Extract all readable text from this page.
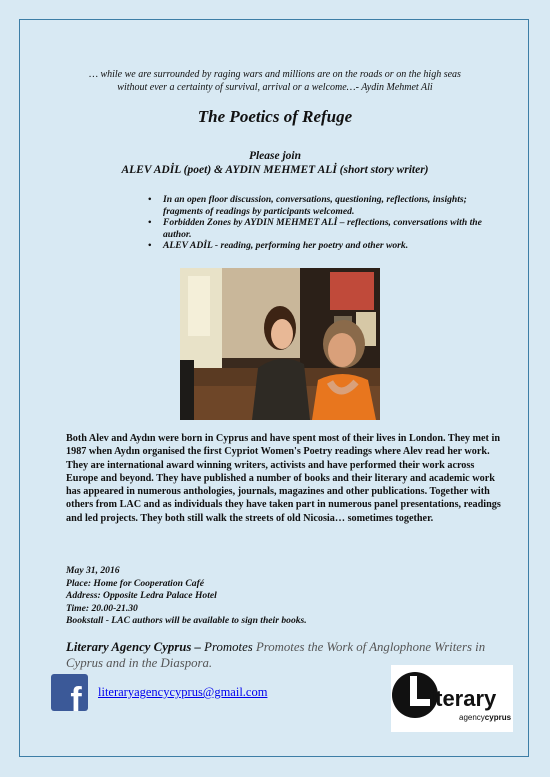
… while we are surrounded by raging wars and millions are on the roads or on the high seas
without ever a certainty of survival, arrival or a welcome…- Aydin Mehmet Ali
The Poetics of Refuge
Please join
ALEV ADİL (poet) & AYDIN MEHMET ALİ (short story writer)
• In an open floor discussion, conversations, questioning, reflections, insights; fragments of readings by participants welcomed.
• Forbidden Zones by AYDIN MEHMET ALİ – reflections, conversations with the author.
• ALEV ADİL - reading, performing her poetry and other work.
Both Alev and Aydın were born in Cyprus and have spent most of their lives in London. They met in 1987 when Aydın organised the first Cypriot Women's Poetry readings where Alev read her work. They are international award winning writers, activists and have performed their work across Europe and beyond. They have published a number of books and their literary and academic work has appeared in numerous anthologies, journals, magazines and other publications. Together with others from LAC and as individuals they have taken part in numerous panel presentations, readings and led projects. They both still walk the streets of old Nicosia… sometimes together.
May 31, 2016
Place: Home for Cooperation Café
Address: Opposite Ledra Palace Hotel
Time: 20.00-21.30
Bookstall - LAC authors will be available to sign their books.
Literary Agency Cyprus – Promotes Promotes the Work of Anglophone Writers in Cyprus and in the Diaspora.
f literaryagencycyprus@gmail.com	iterary
agencycyprus
